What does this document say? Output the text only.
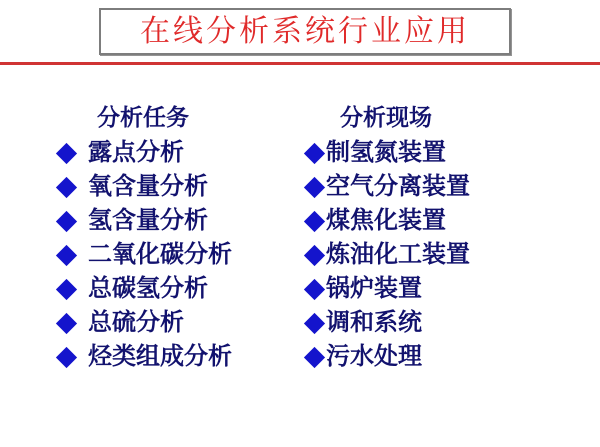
在线分析系统行业应用
分析任务	分析现场
露点分析
氧含量分析
氢含量分析
二氧化碳分析
总碳氢分析
总硫分析
烃类组成分析
制氢氮装置
空气分离装置
煤焦化装置
炼油化工装置
锅炉装置
调和系统
污水处理
